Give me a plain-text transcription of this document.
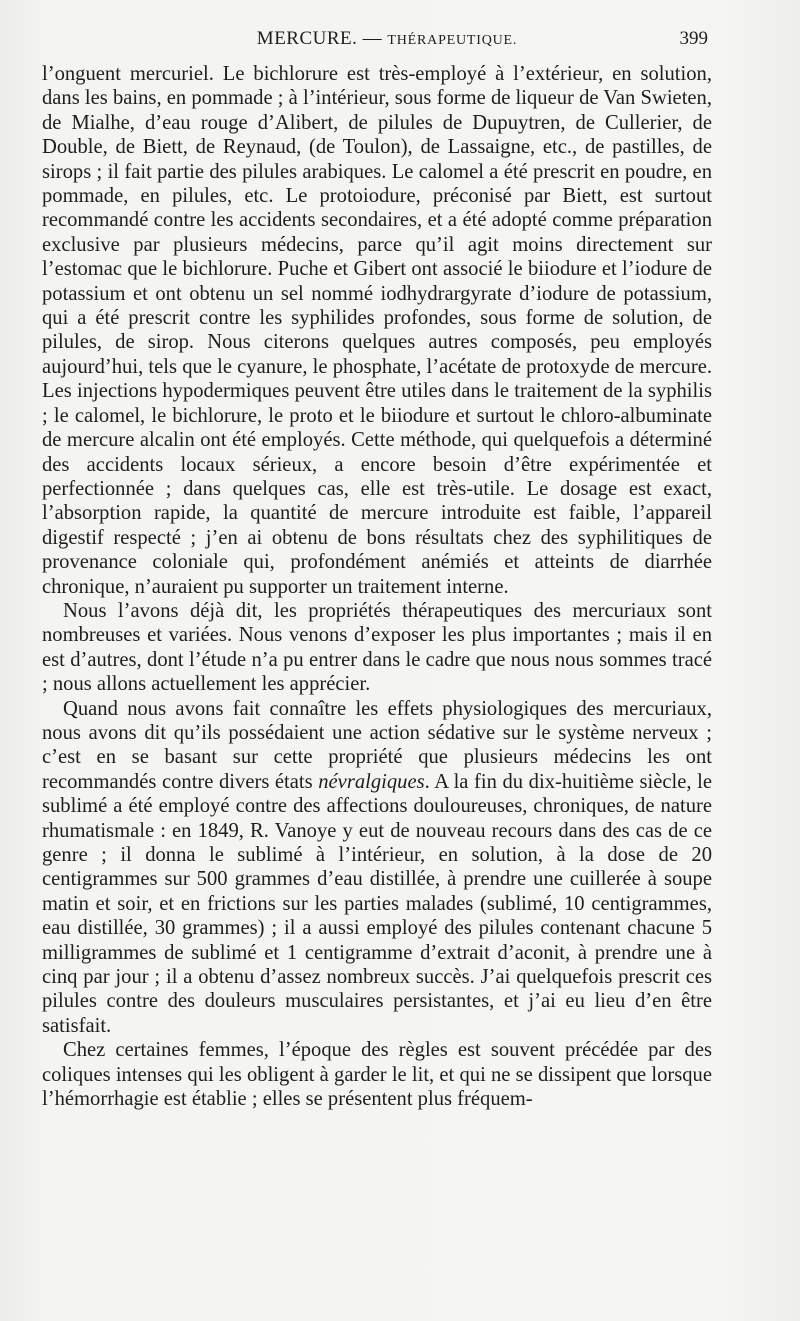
MERCURE. — THÉRAPEUTIQUE.	399

l’onguent mercuriel. Le bichlorure est très-employé à l’extérieur, en solution, dans les bains, en pommade ; à l’intérieur, sous forme de liqueur de Van Swieten, de Mialhe, d’eau rouge d’Alibert, de pilules de Dupuytren, de Cullerier, de Double, de Biett, de Reynaud, (de Toulon), de Lassaigne, etc., de pastilles, de sirops ; il fait partie des pilules arabiques. Le calomel a été prescrit en poudre, en pommade, en pilules, etc. Le protoiodure, préconisé par Biett, est surtout recommandé contre les accidents secondaires, et a été adopté comme préparation exclusive par plusieurs médecins, parce qu’il agit moins directement sur l’estomac que le bichlorure. Puche et Gibert ont associé le biiodure et l’iodure de potassium et ont obtenu un sel nommé iodhydrargyrate d’iodure de potassium, qui a été prescrit contre les syphilides profondes, sous forme de solution, de pilules, de sirop. Nous citerons quelques autres composés, peu employés aujourd’hui, tels que le cyanure, le phosphate, l’acétate de protoxyde de mercure. Les injections hypodermiques peuvent être utiles dans le traitement de la syphilis ; le calomel, le bichlorure, le proto et le biiodure et surtout le chloro-albuminate de mercure alcalin ont été employés. Cette méthode, qui quelquefois a déterminé des accidents locaux sérieux, a encore besoin d’être expérimentée et perfectionnée ; dans quelques cas, elle est très-utile. Le dosage est exact, l’absorption rapide, la quantité de mercure introduite est faible, l’appareil digestif respecté ; j’en ai obtenu de bons résultats chez des syphilitiques de provenance coloniale qui, profondément anémiés et atteints de diarrhée chronique, n’auraient pu supporter un traitement interne.

Nous l’avons déjà dit, les propriétés thérapeutiques des mercuriaux sont nombreuses et variées. Nous venons d’exposer les plus importantes ; mais il en est d’autres, dont l’étude n’a pu entrer dans le cadre que nous nous sommes tracé ; nous allons actuellement les apprécier.

Quand nous avons fait connaître les effets physiologiques des mercuriaux, nous avons dit qu’ils possédaient une action sédative sur le système nerveux ; c’est en se basant sur cette propriété que plusieurs médecins les ont recommandés contre divers états névralgiques. A la fin du dix-huitième siècle, le sublimé a été employé contre des affections douloureuses, chroniques, de nature rhumatismale : en 1849, R. Vanoye y eut de nouveau recours dans des cas de ce genre ; il donna le sublimé à l’intérieur, en solution, à la dose de 20 centigrammes sur 500 grammes d’eau distillée, à prendre une cuillerée à soupe matin et soir, et en frictions sur les parties malades (sublimé, 10 centigrammes, eau distillée, 30 grammes) ; il a aussi employé des pilules contenant chacune 5 milligrammes de sublimé et 1 centigramme d’extrait d’aconit, à prendre une à cinq par jour ; il a obtenu d’assez nombreux succès. J’ai quelquefois prescrit ces pilules contre des douleurs musculaires persistantes, et j’ai eu lieu d’en être satisfait.

Chez certaines femmes, l’époque des règles est souvent précédée par des coliques intenses qui les obligent à garder le lit, et qui ne se dissipent que lorsque l’hémorrhagie est établie ; elles se présentent plus fréquem-
